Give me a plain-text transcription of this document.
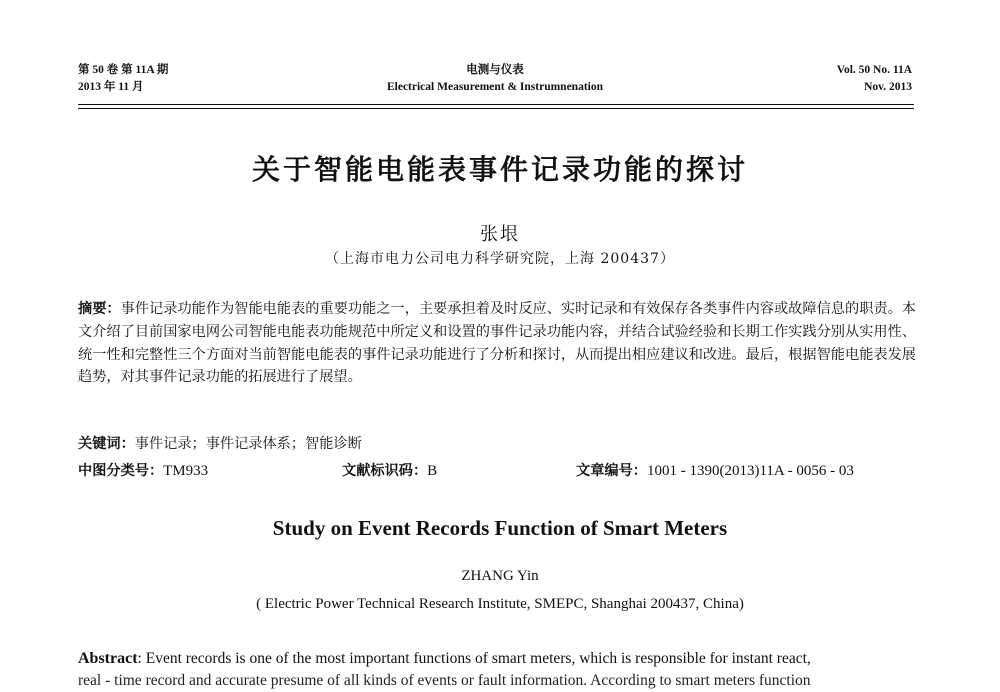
第 50 卷 第 11A 期
2013 年 11 月
电测与仪表
Electrical Measurement & Instrumnenation
Vol. 50 No. 11A
Nov. 2013
关于智能电能表事件记录功能的探讨
张垠
（上海市电力公司电力科学研究院，上海 200437）
摘要：事件记录功能作为智能电能表的重要功能之一，主要承担着及时反应、实时记录和有效保存各类事件内容或故障信息的职责。本文介绍了目前国家电网公司智能电能表功能规范中所定义和设置的事件记录功能内容，并结合试验经验和长期工作实践分别从实用性、统一性和完整性三个方面对当前智能电能表的事件记录功能进行了分析和探讨，从而提出相应建议和改进。最后，根据智能电能表发展趋势，对其事件记录功能的拓展进行了展望。
关键词：事件记录；事件记录体系；智能诊断
中图分类号：TM933	文献标识码：B	文章编号：1001 - 1390(2013)11A - 0056 - 03
Study on Event Records Function of Smart Meters
ZHANG Yin
( Electric Power Technical Research Institute, SMEPC, Shanghai 200437, China)
Abstract: Event records is one of the most important functions of smart meters, which is responsible for instant react,
real - time record and accurate presume of all kinds of events or fault information. According to smart meters function
